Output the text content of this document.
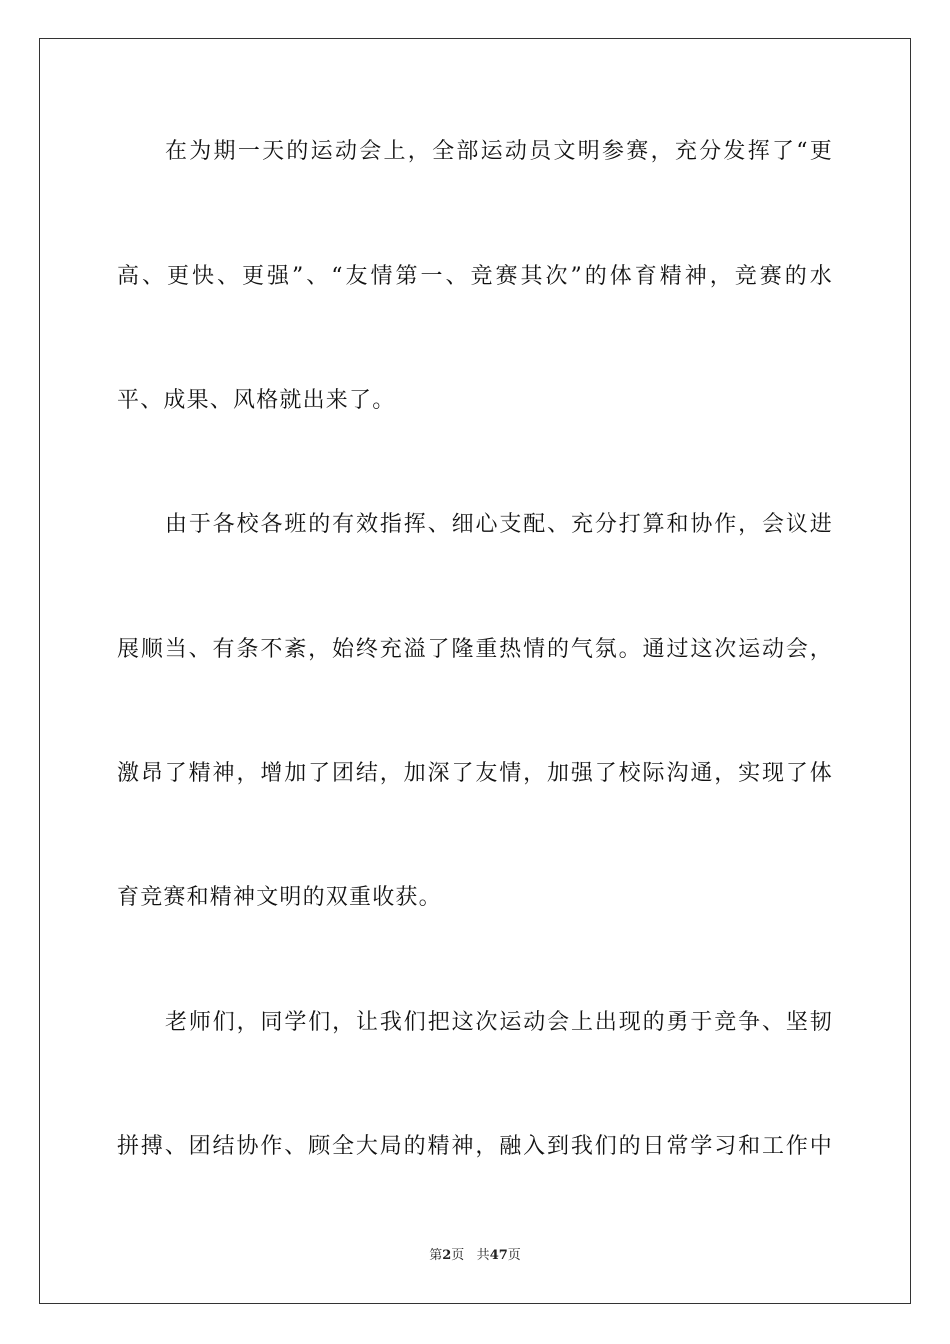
在为期一天的运动会上，全部运动员文明参赛，充分发挥了“更
高、更快、更强”、“友情第一、竞赛其次”的体育精神，竞赛的水
平、成果、风格就出来了。
由于各校各班的有效指挥、细心支配、充分打算和协作，会议进
展顺当、有条不紊，始终充溢了隆重热情的气氛。通过这次运动会，
激昂了精神，增加了团结，加深了友情，加强了校际沟通，实现了体
育竞赛和精神文明的双重收获。
老师们，同学们，让我们把这次运动会上出现的勇于竞争、坚韧
拼搏、团结协作、顾全大局的精神，融入到我们的日常学习和工作中
第2页 共47页
